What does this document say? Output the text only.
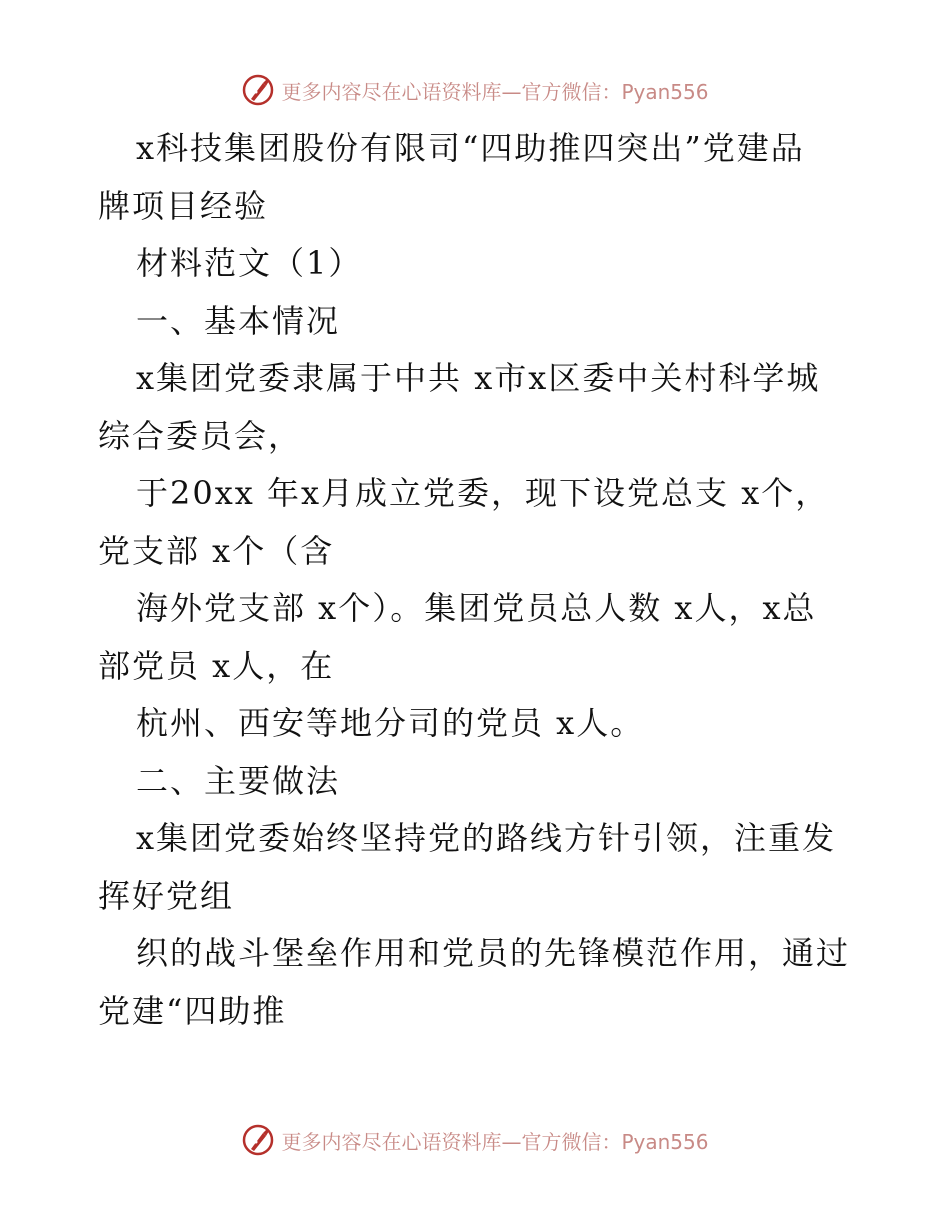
更多内容尽在心语资料库—官方微信：Pyan556
x科技集团股份有限司“四助推四突出”党建品
牌项目经验
材料范文（1）
一、基本情况
x集团党委隶属于中共 x市x区委中关村科学城
综合委员会，
于20xx 年x月成立党委，现下设党总支 x个，
党支部 x个（含
海外党支部 x个）。集团党员总人数 x人，x总
部党员 x人，在
杭州、西安等地分司的党员 x人。
二、主要做法
x集团党委始终坚持党的路线方针引领，注重发
挥好党组
织的战斗堡垒作用和党员的先锋模范作用，通过
党建“四助推
更多内容尽在心语资料库—官方微信：Pyan556
